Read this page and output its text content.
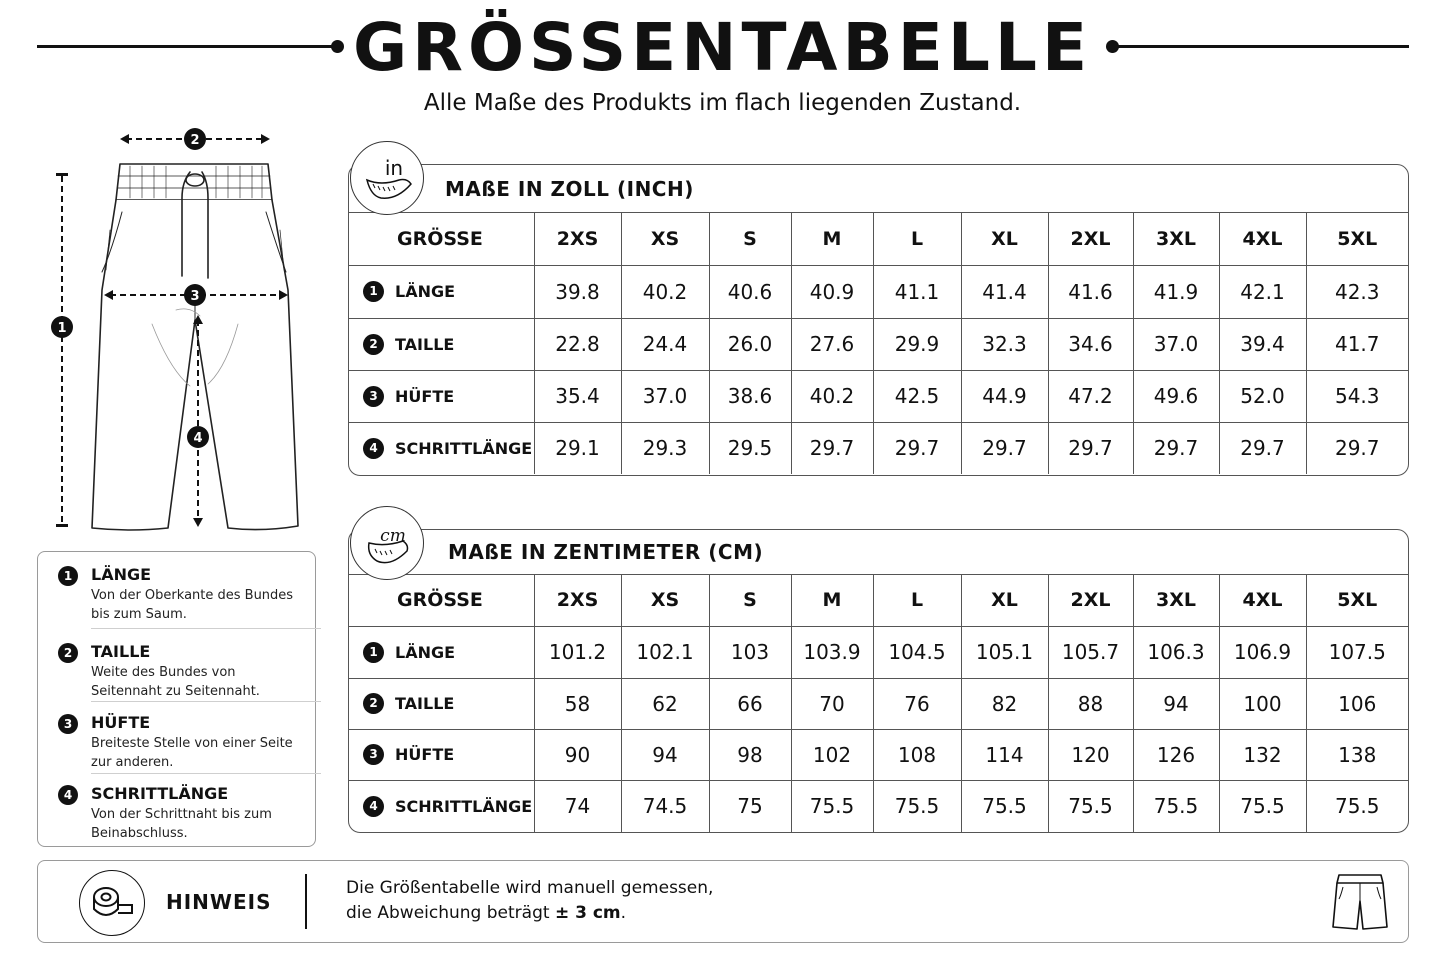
GRÖSSENTABELLE
Alle Maße des Produkts im flach liegenden Zustand.
1
2
3
4
1	LÄNGE
Von der Oberkante des Bundes bis zum Saum.
2	TAILLE
Weite des Bundes von Seitennaht zu Seitennaht.
3	HÜFTE
Breiteste Stelle von einer Seite zur anderen.
4	SCHRITTLÄNGE
Von der Schrittnaht bis zum Beinabschluss.
MAßE IN ZOLL (INCH)
GRÖSSE	2XS	XS	S	M	L	XL	2XL	3XL	4XL	5XL
1 LÄNGE	39.8	40.2	40.6	40.9	41.1	41.4	41.6	41.9	42.1	42.3
2 TAILLE	22.8	24.4	26.0	27.6	29.9	32.3	34.6	37.0	39.4	41.7
3 HÜFTE	35.4	37.0	38.6	40.2	42.5	44.9	47.2	49.6	52.0	54.3
4 SCHRITTLÄNGE	29.1	29.3	29.5	29.7	29.7	29.7	29.7	29.7	29.7	29.7
in
MAßE IN ZENTIMETER (CM)
GRÖSSE	2XS	XS	S	M	L	XL	2XL	3XL	4XL	5XL
1 LÄNGE	101.2	102.1	103	103.9	104.5	105.1	105.7	106.3	106.9	107.5
2 TAILLE	58	62	66	70	76	82	88	94	100	106
3 HÜFTE	90	94	98	102	108	114	120	126	132	138
4 SCHRITTLÄNGE	74	74.5	75	75.5	75.5	75.5	75.5	75.5	75.5	75.5
cm
HINWEIS
Die Größentabelle wird manuell gemessen,
die Abweichung beträgt ± 3 cm.
